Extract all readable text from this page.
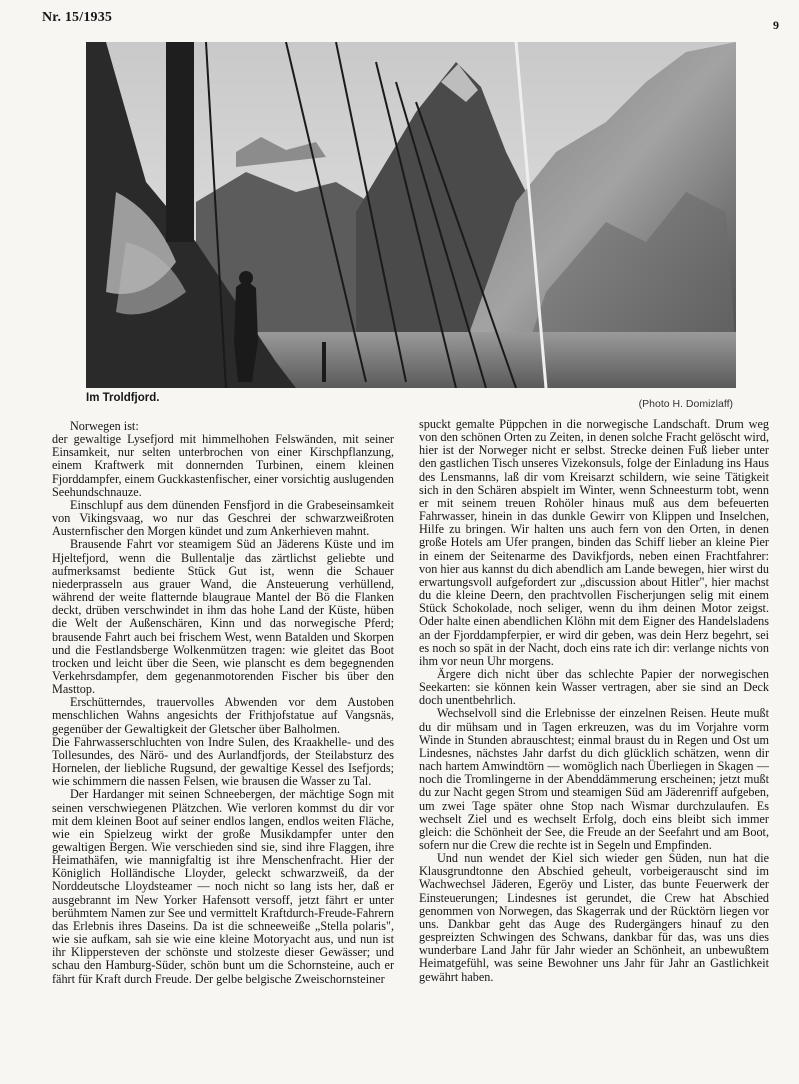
Nr. 15/1935	9
Im Troldfjord.	(Photo H. Domizlaff)

Norwegen ist:

der gewaltige Lysefjord mit himmelhohen Felswänden, mit seiner Einsamkeit, nur selten unterbrochen von einer Kirschpflanzung, einem Kraftwerk mit donnernden Turbinen, einem kleinen Fjorddampfer, einem Guckkastenfischer, einer vorsichtig auslugenden Seehundschnauze.

Einschlupf aus dem dünenden Fensfjord in die Grabeseinsamkeit von Vikingsvaag, wo nur das Geschrei der schwarzweißroten Austernfischer den Morgen kündet und zum Ankerhieven mahnt.

Brausende Fahrt vor steamigem Süd an Jäderens Küste und im Hjeltefjord, wenn die Bullentalje das zärtlichst geliebte und aufmerksamst bediente Stück Gut ist, wenn die Schauer niederprasseln aus grauer Wand, die Ansteuerung verhüllend, während der weite flatternde blaugraue Mantel der Bö die Flanken deckt, drüben verschwindet in ihm das hohe Land der Küste, hüben die Welt der Außenschären, Kinn und das norwegische Pferd; brausende Fahrt auch bei frischem West, wenn Batalden und Skorpen und die Festlandsberge Wolkenmützen tragen: wie gleitet das Boot trocken und leicht über die Seen, wie planscht es dem begegnenden Verkehrsdampfer, dem gegenanmotorenden Fischer bis über den Masttop.

Erschütterndes, trauervolles Abwenden vor dem Austoben menschlichen Wahns angesichts der Frithjofstatue auf Vangsnäs, gegenüber der Gewaltigkeit der Gletscher über Balholmen.

Die Fahrwasserschluchten von Indre Sulen, des Kraakhelle- und des Tollesundes, des Närö- und des Aurlandfjords, der Steilabsturz des Hornelen, der liebliche Rugsund, der gewaltige Kessel des Isefjords; wie schimmern die nassen Felsen, wie brausen die Wasser zu Tal.

Der Hardanger mit seinen Schneebergen, der mächtige Sogn mit seinen verschwiegenen Plätzchen. Wie verloren kommst du dir vor mit dem kleinen Boot auf seiner endlos langen, endlos weiten Fläche, wie ein Spielzeug wirkt der große Musikdampfer unter den gewaltigen Bergen. Wie verschieden sind sie, sind ihre Flaggen, ihre Heimathäfen, wie mannigfaltig ist ihre Menschenfracht. Hier der Königlich Holländische Lloyder, geleckt schwarzweiß, da der Norddeutsche Lloydsteamer — noch nicht so lang ists her, daß er ausgebrannt im New Yorker Hafensott versoff, jetzt fährt er unter berühmtem Namen zur See und vermittelt Kraftdurch-Freude-Fahrern das Erlebnis ihres Daseins. Da ist die schneeweiße „Stella polaris", wie sie aufkam, sah sie wie eine kleine Motoryacht aus, und nun ist ihr Klippersteven der schönste und stolzeste dieser Gewässer; und schau den Hamburg-Süder, schön bunt um die Schornsteine, auch er fährt für Kraft durch Freude. Der gelbe belgische Zweischornsteiner

spuckt gemalte Püppchen in die norwegische Landschaft. Drum weg von den schönen Orten zu Zeiten, in denen solche Fracht gelöscht wird, hier ist der Norweger nicht er selbst. Strecke deinen Fuß lieber unter den gastlichen Tisch unseres Vizekonsuls, folge der Einladung ins Haus des Lensmanns, laß dir vom Kreisarzt schildern, wie seine Tätigkeit sich in den Schären abspielt im Winter, wenn Schneesturm tobt, wenn er mit seinem treuen Rohöler hinaus muß aus dem befeuerten Fahrwasser, hinein in das dunkle Gewirr von Klippen und Inselchen, Hilfe zu bringen. Wir halten uns auch fern von den Orten, in denen große Hotels am Ufer prangen, binden das Schiff lieber an kleine Pier in einem der Seitenarme des Davikfjords, neben einen Frachtfahrer: von hier aus kannst du dich abendlich am Lande bewegen, hier wirst du erwartungsvoll aufgefordert zur „discussion about Hitler", hier machst du die kleine Deern, den prachtvollen Fischerjungen selig mit einem Stück Schokolade, noch seliger, wenn du ihm deinen Motor zeigst. Oder halte einen abendlichen Klöhn mit dem Eigner des Handelsladens an der Fjorddampferpier, er wird dir geben, was dein Herz begehrt, sei es noch so spät in der Nacht, doch eins rate ich dir: verlange nichts von ihm vor neun Uhr morgens.

Ärgere dich nicht über das schlechte Papier der norwegischen Seekarten: sie können kein Wasser vertragen, aber sie sind an Deck doch unentbehrlich.

Wechselvoll sind die Erlebnisse der einzelnen Reisen. Heute mußt du dir mühsam und in Tagen erkreuzen, was du im Vorjahre vorm Winde in Stunden abrauschtest; einmal braust du in Regen und Ost um Lindesnes, nächstes Jahr darfst du dich glücklich schätzen, wenn dir nach hartem Amwindtörn — womöglich nach Überliegen in Skagen — noch die Tromlingerne in der Abenddämmerung erscheinen; jetzt mußt du zur Nacht gegen Strom und steamigen Süd am Jäderenriff aufgeben, um zwei Tage später ohne Stop nach Wismar durchzulaufen. Es wechselt Ziel und es wechselt Erfolg, doch eins bleibt sich immer gleich: die Schönheit der See, die Freude an der Seefahrt und am Boot, sofern nur die Crew die rechte ist in Segeln und Empfinden.

Und nun wendet der Kiel sich wieder gen Süden, nun hat die Klausgrundtonne den Abschied geheult, vorbeigerauscht sind im Wachwechsel Jäderen, Egeröy und Lister, das bunte Feuerwerk der Einsteuerungen; Lindesnes ist gerundet, die Crew hat Abschied genommen von Norwegen, das Skagerrak und der Rücktörn liegen vor uns. Dankbar geht das Auge des Rudergängers hinauf zu den gespreizten Schwingen des Schwans, dankbar für das, was uns dies wunderbare Land Jahr für Jahr wieder an Schönheit, an unbewußtem Heimatgefühl, was seine Bewohner uns Jahr für Jahr an Gastlichkeit gewährt haben.
